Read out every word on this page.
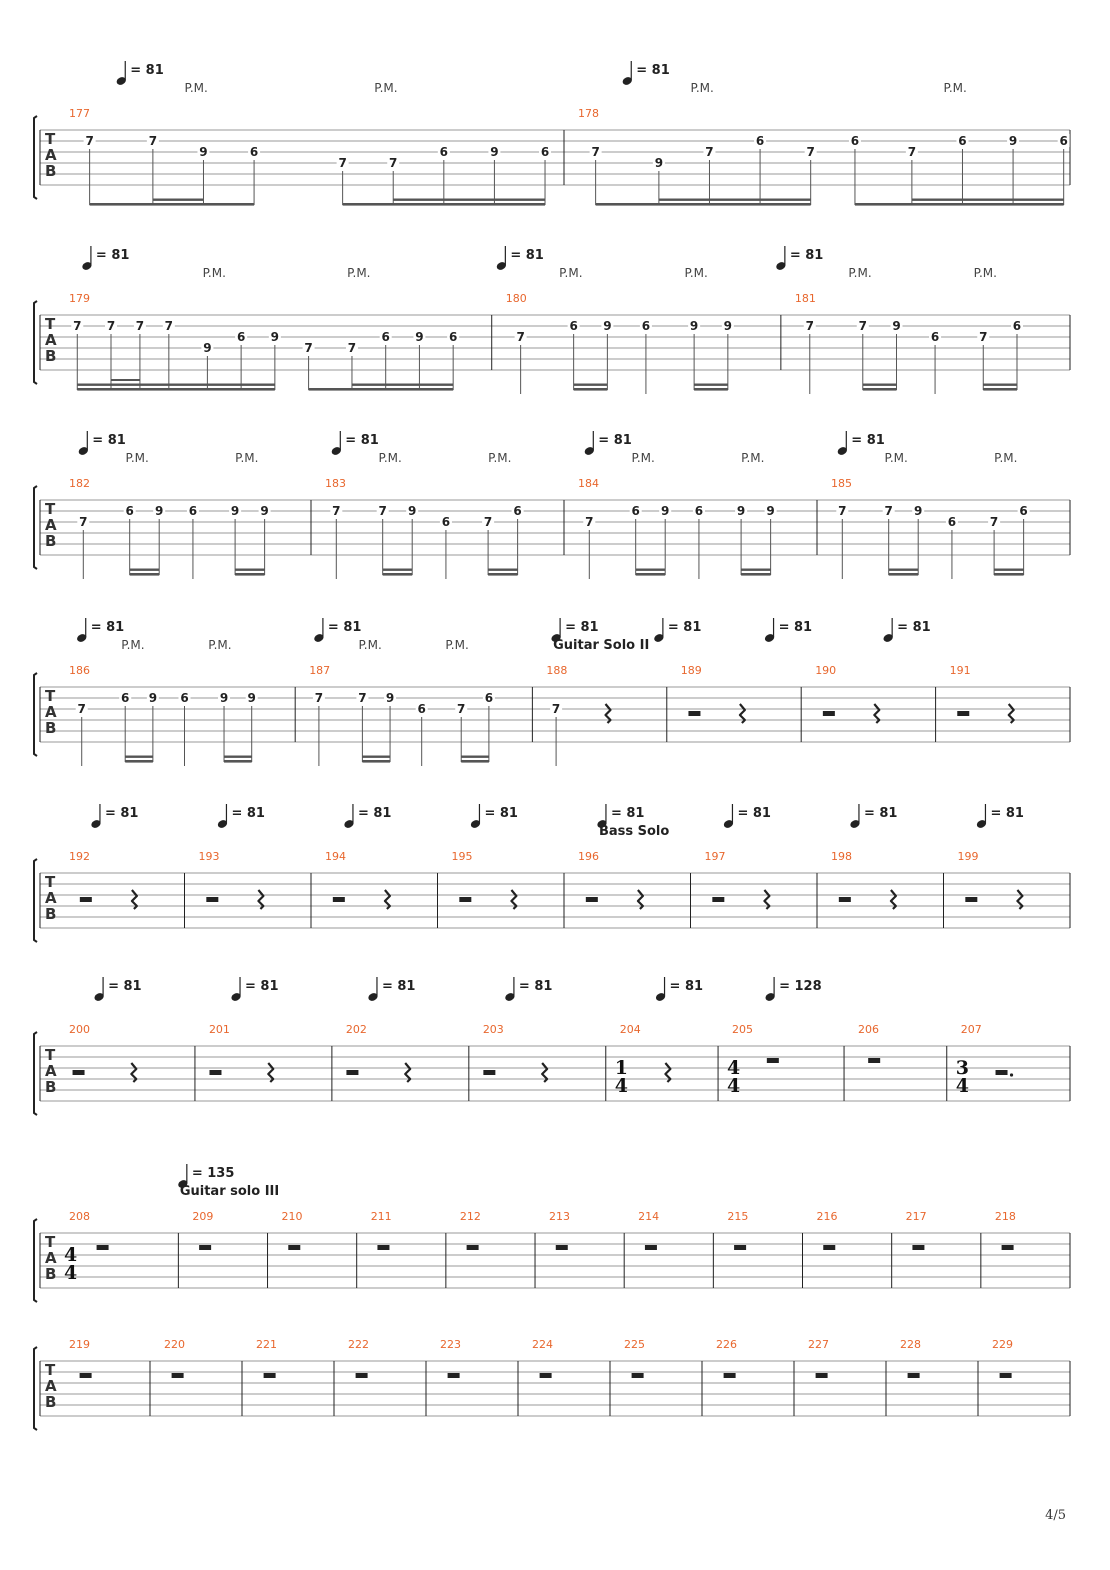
T
A
B
177
7	7
9	6
7	7
6	9	6
178
7
9
7
6
7
6
7
6	9	6
= 81	= 81
P.M.	P.M.	P.M.	P.M.
T
A
B
179
7 7 7 7
9
6 9
7	7
6 9 6
180
7
6 9	6	9 9
181
7	7 9
6	7
6
= 81	= 81	= 81
P.M.	P.M.	P.M.	P.M.	P.M.	P.M.
T
A
B
182
7
6 9 6	9 9
183
7	7 9
6	7
6
184
7
6 9 6	9 9
185
7	7 9
6	7
6
= 81	= 81	= 81	= 81
P.M.	P.M.	P.M.	P.M.	P.M.	P.M.	P.M.	P.M.
T
A
B
186
7
6 9 6	9 9
187
7	7 9
6	7
6
188
7
189	190	191
= 81	= 81	= 81
Guitar Solo II
= 81	= 81	= 81
P.M.	P.M.	P.M.	P.M.
T
A
B
192	193	194	195	196	197	198	199
= 81	= 81	= 81	= 81	= 81
Bass Solo
= 81	= 81	= 81
T
A
B
200	201	202	203	204
1
4
205
4
4
206	207
3
4
= 81	= 81	= 81	= 81	= 81	= 128
T
A
B
208
4
4
209	210	211	212	213	214	215	216	217	218
= 135
Guitar solo III
T
A
B
219	220	221	222	223	224	225	226	227	228	229
4/5
